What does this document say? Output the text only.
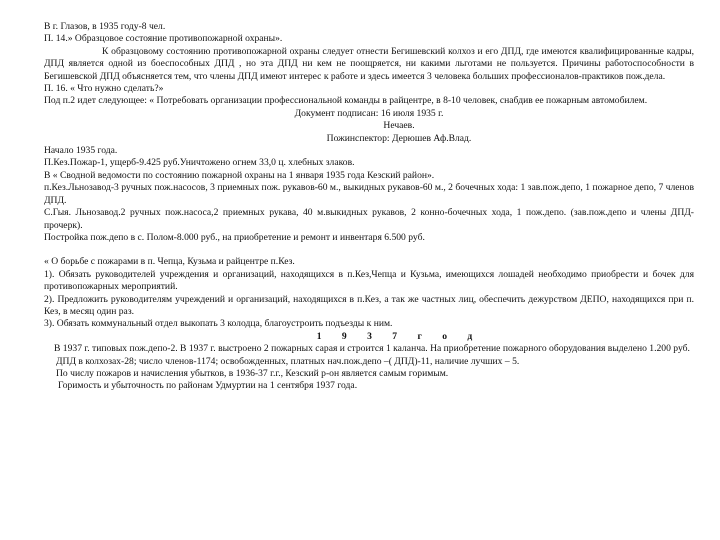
В г. Глазов, в 1935 году-8 чел.
П. 14.» Образцовое состояние противопожарной охраны».
К образцовому состоянию противопожарной охраны следует отнести Бегишевский колхоз и его ДПД, где имеются квалифицированные кадры, ДПД является одной из боеспособных ДПД , но эта ДПД ни кем не поощряется, ни какими льготами не пользуется. Причины работоспособности в Бегишевской ДПД объясняется тем, что члены ДПД имеют интерес к работе и здесь имеется 3 человека больших профессионалов-практиков пож.дела.
П. 16. « Что нужно сделать?»
Под п.2 идет следующее: « Потребовать организации профессиональной команды в райцентре, в 8-10 человек, снабдив ее пожарным автомобилем.
Документ подписан: 16 июля 1935 г.
Нечаев.
Пожинспектор: Дерюшев Аф.Влад.
Начало 1935 года.
П.Кез.Пожар-1, ущерб-9.425 руб.Уничтожено огнем 33,0 ц. хлебных злаков.
В « Сводной ведомости по состоянию пожарной охраны на 1 января 1935 года Кезский район».
п.Кез.Льнозавод-3 ручных пож.насосов, 3 приемных пож. рукавов-60 м., выкидных рукавов-60 м., 2 бочечных хода: 1 зав.пож.депо, 1 пожарное депо, 7 членов ДПД.
С.Гыя. Льнозавод.2 ручных пож.насоса,2 приемных рукава, 40 м.выкидных рукавов, 2 конно-бочечных хода, 1 пож.депо. (зав.пож.депо и члены ДПД-прочерк).
Постройка пож.депо в с. Полом-8.000 руб., на приобретение и ремонт и инвентаря 6.500 руб.
« О борьбе с пожарами в п. Чепца, Кузьма и райцентре п.Кез.
1). Обязать руководителей учреждения и организаций, находящихся в п.Кез,Чепца и Кузьма, имеющихся лошадей необходимо приобрести и бочек для противопожарных мероприятий.
2). Предложить руководителям учреждений и организаций, находящихся в п.Кез, а так же частных лиц, обеспечить дежурством ДЕПО, находящихся при п. Кез, в месяц один раз.
3). Обязать коммунальный отдел выкопать 3 колодца, благоустроить подъезды к ним.
1 9 3 7 г о д
В 1937 г. типовых пож.депо-2. В 1937 г. выстроено 2 пожарных сарая и строится 1 каланча. На приобретение пожарного оборудования выделено 1.200 руб.
ДПД в колхозах-28; число членов-1174; освобожденных, платных нач.пож.депо –( ДПД)-11, наличие лучших – 5.
По числу пожаров и начисления убытков, в 1936-37 г.г., Кезский р-он является самым горимым.
Горимость и убыточность по районам Удмуртии на 1 сентября 1937 года.
